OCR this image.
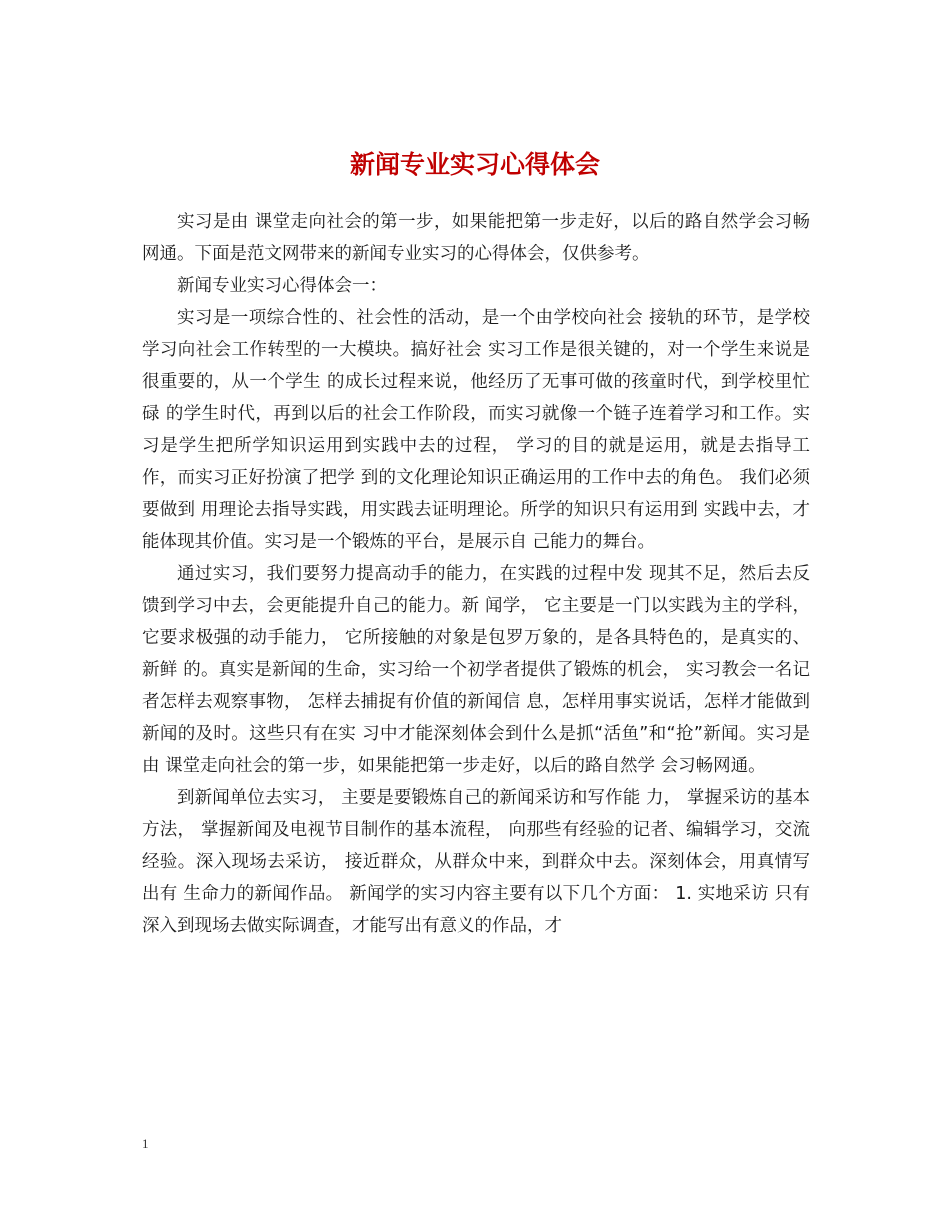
新闻专业实习心得体会

实习是由 课堂走向社会的第一步，如果能把第一步走好，以后的路自然学会习畅网通。下面是范文网带来的新闻专业实习的心得体会，仅供参考。

新闻专业实习心得体会一：

实习是一项综合性的、社会性的活动，是一个由学校向社会 接轨的环节，是学校学习向社会工作转型的一大模块。搞好社会 实习工作是很关键的，对一个学生来说是很重要的，从一个学生 的成长过程来说，他经历了无事可做的孩童时代，到学校里忙碌 的学生时代，再到以后的社会工作阶段，而实习就像一个链子连着学习和工作。实习是学生把所学知识运用到实践中去的过程， 学习的目的就是运用，就是去指导工作，而实习正好扮演了把学 到的文化理论知识正确运用的工作中去的角色。 我们必须要做到 用理论去指导实践，用实践去证明理论。所学的知识只有运用到 实践中去，才能体现其价值。实习是一个锻炼的平台，是展示自 己能力的舞台。

通过实习，我们要努力提高动手的能力，在实践的过程中发 现其不足，然后去反馈到学习中去，会更能提升自己的能力。新 闻学， 它主要是一门以实践为主的学科， 它要求极强的动手能力， 它所接触的对象是包罗万象的，是各具特色的，是真实的、新鲜 的。真实是新闻的生命，实习给一个初学者提供了锻炼的机会， 实习教会一名记者怎样去观察事物， 怎样去捕捉有价值的新闻信 息，怎样用事实说话，怎样才能做到新闻的及时。这些只有在实 习中才能深刻体会到什么是抓“活鱼”和“抢”新闻。实习是由 课堂走向社会的第一步，如果能把第一步走好，以后的路自然学 会习畅网通。

到新闻单位去实习， 主要是要锻炼自己的新闻采访和写作能 力， 掌握采访的基本方法， 掌握新闻及电视节目制作的基本流程， 向那些有经验的记者、编辑学习，交流经验。深入现场去采访， 接近群众，从群众中来，到群众中去。深刻体会，用真情写出有 生命力的新闻作品。 新闻学的实习内容主要有以下几个方面： 1. 实地采访 只有深入到现场去做实际调查，才能写出有意义的作品，才

1
